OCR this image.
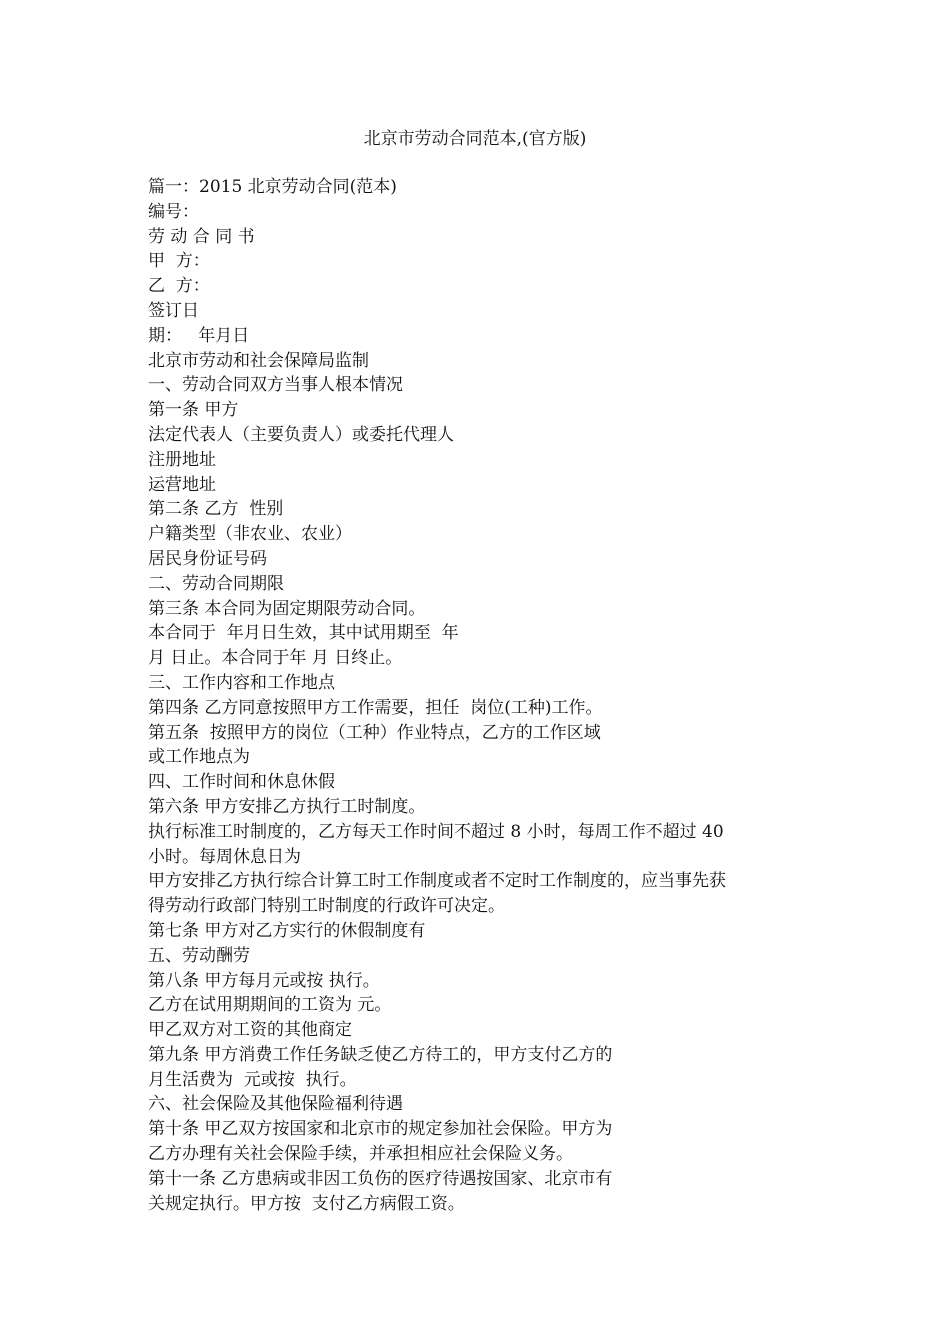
北京市劳动合同范本,(官方版)

篇一：2015 北京劳动合同(范本)

编号：

劳 动 合 同 书

甲  方：

乙  方：

签订日

期：   年月日

北京市劳动和社会保障局监制

一、劳动合同双方当事人根本情况

第一条 甲方

法定代表人（主要负责人）或委托代理人

注册地址

运营地址

第二条 乙方  性别

户籍类型（非农业、农业）

居民身份证号码

二、劳动合同期限

第三条 本合同为固定期限劳动合同。

本合同于  年月日生效，其中试用期至  年

月 日止。本合同于年 月 日终止。

三、工作内容和工作地点

第四条 乙方同意按照甲方工作需要，担任  岗位(工种)工作。

第五条  按照甲方的岗位（工种）作业特点，乙方的工作区域

或工作地点为

四、工作时间和休息休假

第六条 甲方安排乙方执行工时制度。

执行标准工时制度的，乙方每天工作时间不超过 8 小时，每周工作不超过 40

小时。每周休息日为

甲方安排乙方执行综合计算工时工作制度或者不定时工作制度的，应当事先获

得劳动行政部门特别工时制度的行政许可决定。

第七条 甲方对乙方实行的休假制度有

五、劳动酬劳

第八条 甲方每月元或按 执行。

乙方在试用期期间的工资为 元。

甲乙双方对工资的其他商定

第九条 甲方消费工作任务缺乏使乙方待工的，甲方支付乙方的

月生活费为  元或按  执行。

六、社会保险及其他保险福利待遇

第十条 甲乙双方按国家和北京市的规定参加社会保险。甲方为

乙方办理有关社会保险手续，并承担相应社会保险义务。

第十一条 乙方患病或非因工负伤的医疗待遇按国家、北京市有

关规定执行。甲方按  支付乙方病假工资。
